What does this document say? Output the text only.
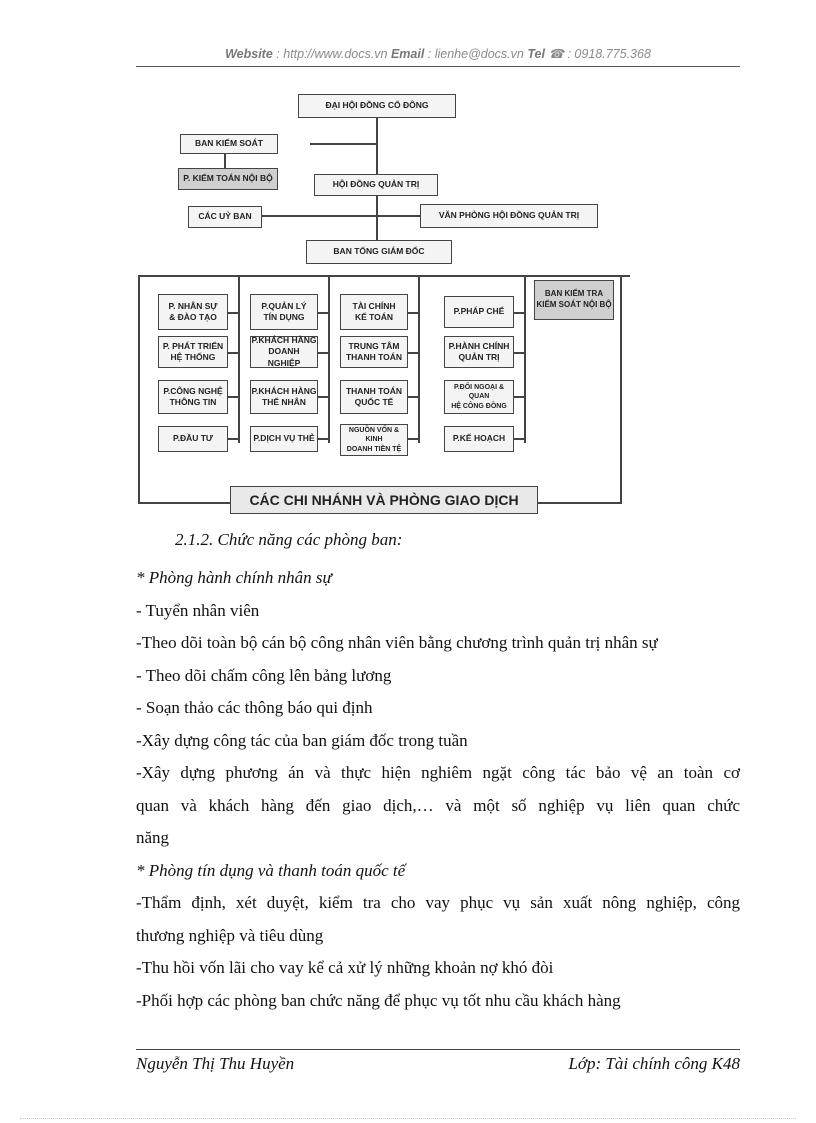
Website : http://www.docs.vn Email : lienhe@docs.vn Tel ☎ : 0918.775.368
ĐẠI HỘI ĐỒNG CỔ ĐÔNG
BAN KIỂM SOÁT
P. KIỂM TOÁN NỘI BỘ
HỘI ĐỒNG QUẢN TRỊ
CÁC UỶ BAN	VĂN PHÒNG HỘI ĐỒNG QUẢN TRỊ
BAN TỔNG GIÁM ĐỐC
P. NHÂN SỰ
& ĐÀO TẠO
P. PHÁT TRIỂN
HỆ THỐNG
P.CÔNG NGHỆ
THÔNG TIN
P.ĐẦU TƯ
P.QUẢN LÝ
TÍN DỤNG
P.KHÁCH HÀNG
DOANH NGHIỆP
P.KHÁCH HÀNG
THỂ NHÂN
P.DỊCH VỤ THẺ
TÀI CHÍNH
KẾ TOÁN
TRUNG TÂM
THANH TOÁN
THANH TOÁN
QUỐC TẾ
NGUỒN VỐN & KINH
DOANH TIỀN TỆ
P.PHÁP CHẾ
P.HÀNH CHÍNH
QUẢN TRỊ
P.ĐỐI NGOẠI & QUAN
HỆ CÔNG ĐỒNG
P.KẾ HOẠCH
BAN KIỂM TRA
KIỂM SOÁT NỘI BỘ
CÁC CHI NHÁNH VÀ PHÒNG GIAO DỊCH
2.1.2. Chức năng các phòng ban:

* Phòng hành chính nhân sự

- Tuyển nhân viên

-Theo dõi toàn bộ cán bộ công nhân viên bằng chương trình quản trị nhân sự

- Theo dõi chấm công lên bảng lương

- Soạn thảo các thông báo qui định

-Xây dựng công tác của ban giám đốc trong tuần

-Xây dựng phương án và thực hiện nghiêm ngặt công tác bảo vệ an toàn cơ

quan và khách hàng đến giao dịch,… và một số nghiệp vụ liên quan chức

năng

* Phòng tín dụng và thanh toán quốc tế

-Thẩm định, xét duyệt, kiểm tra cho vay phục vụ sản xuất nông nghiệp, công

thương nghiệp và tiêu dùng

-Thu hồi vốn lãi cho vay kể cả xử lý những khoản nợ khó đòi

-Phối hợp các phòng ban chức năng để phục vụ tốt nhu cầu khách hàng

Nguyễn Thị Thu Huyền	Lớp: Tài chính công K48
